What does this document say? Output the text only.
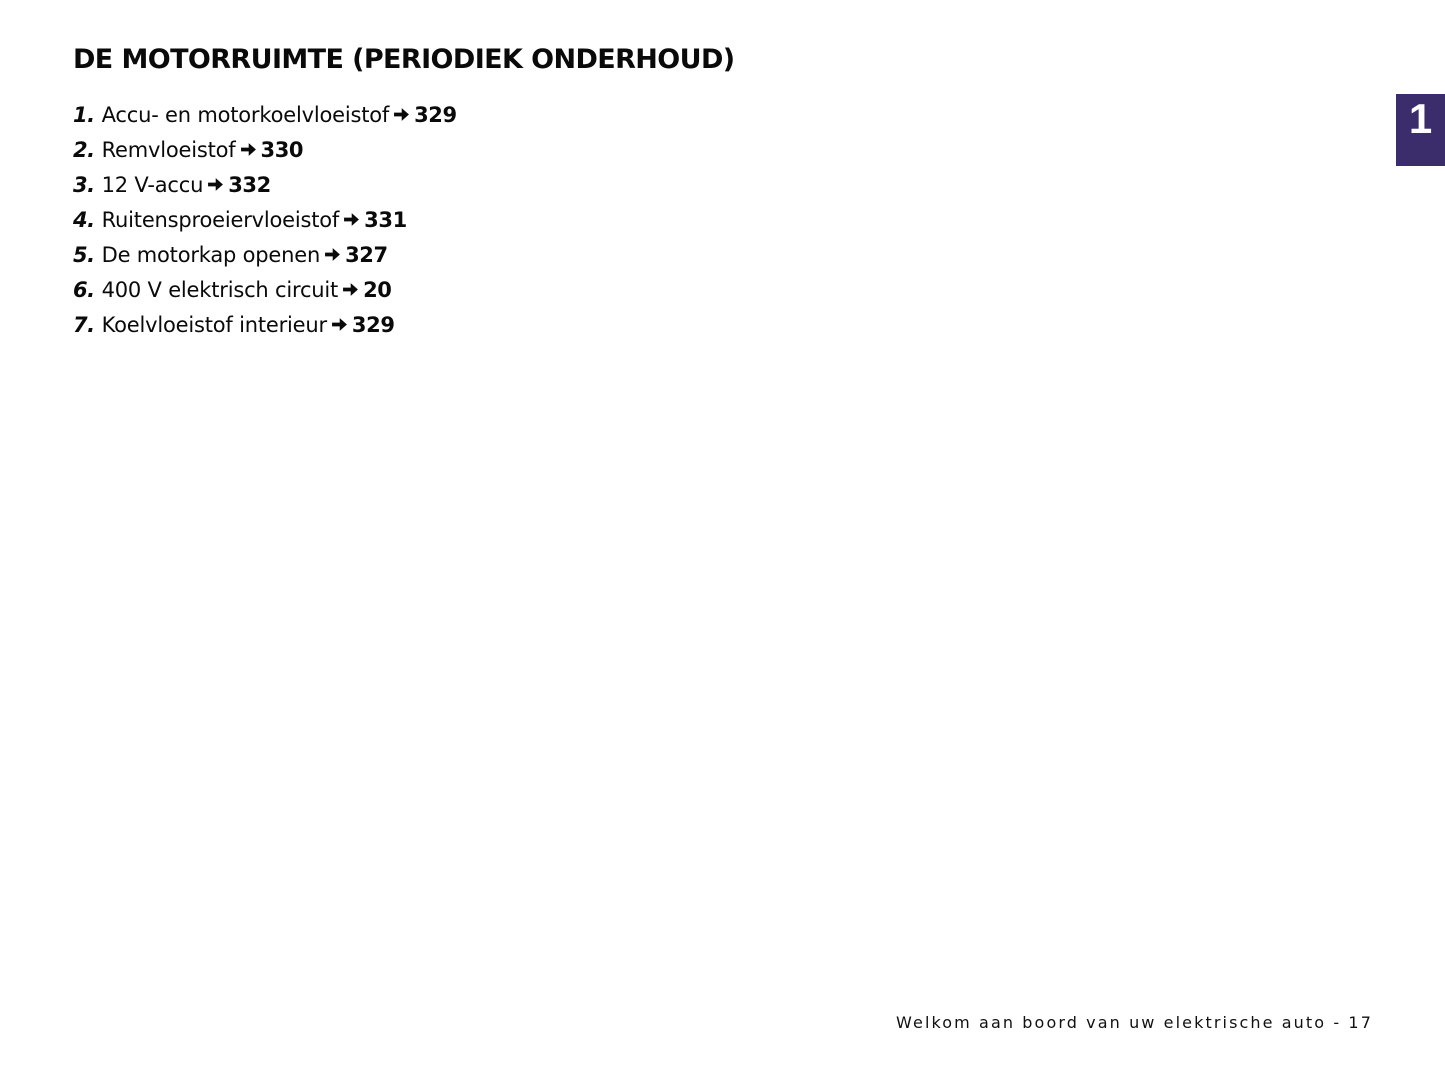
DE MOTORRUIMTE (PERIODIEK ONDERHOUD)
1. Accu- en motorkoelvloeistof 329
2. Remvloeistof 330
3. 12 V-accu 332
4. Ruitensproeiervloeistof 331
5. De motorkap openen 327
6. 400 V elektrisch circuit 20
7. Koelvloeistof interieur 329
1
Welkom aan boord van uw elektrische auto - 17
